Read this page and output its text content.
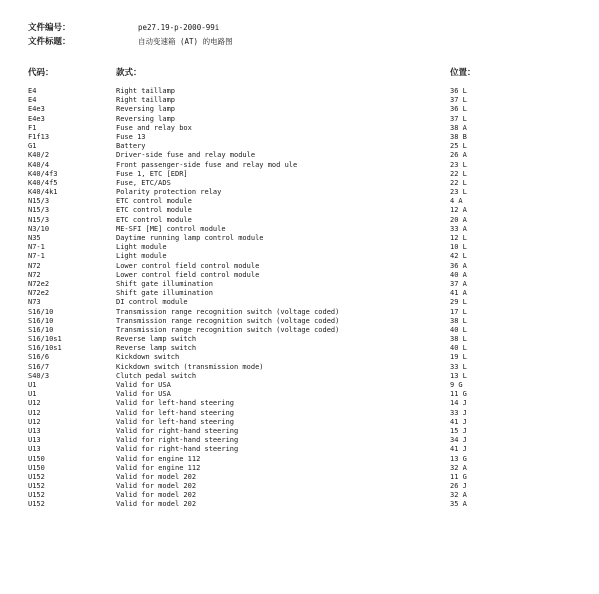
文件编号：	pe27.19-p-2000-99i
文件标题：	自动变速箱 (AT) 的电路图
代码：	款式：	位置：
E4	Right taillamp	36 L
E4	Right taillamp	37 L
E4e3	Reversing lamp	36 L
E4e3	Reversing lamp	37 L
F1	Fuse and relay box	38 A
F1f13	Fuse 13	38 B
G1	Battery	25 L
K40/2	Driver-side fuse and relay module	26 A
K40/4	Front passenger-side fuse and relay mod ule	23 L
K40/4f3	Fuse 1, ETC [EDR]	22 L
K40/4f5	Fuse, ETC/ADS	22 L
K40/4k1	Polarity protection relay	23 L
N15/3	ETC control module	4 A
N15/3	ETC control module	12 A
N15/3	ETC control module	20 A
N3/10	ME-SFI [ME] control module	33 A
N35	Daytime running lamp control module	12 L
N7-1	Light module	10 L
N7-1	Light module	42 L
N72	Lower control field control module	36 A
N72	Lower control field control module	40 A
N72e2	Shift gate illumination	37 A
N72e2	Shift gate illumination	41 A
N73	DI control module	29 L
S16/10	Transmission range recognition switch (voltage coded)	17 L
S16/10	Transmission range recognition switch (voltage coded)	38 L
S16/10	Transmission range recognition switch (voltage coded)	40 L
S16/10s1	Reverse lamp switch	38 L
S16/10s1	Reverse lamp switch	40 L
S16/6	Kickdown switch	19 L
S16/7	Kickdown switch (transmission mode)	33 L
S40/3	Clutch pedal switch	13 L
U1	Valid for USA	9 G
U1	Valid for USA	11 G
U12	Valid for left-hand steering	14 J
U12	Valid for left-hand steering	33 J
U12	Valid for left-hand steering	41 J
U13	Valid for right-hand steering	15 J
U13	Valid for right-hand steering	34 J
U13	Valid for right-hand steering	41 J
U150	Valid for engine 112	13 G
U150	Valid for engine 112	32 A
U152	Valid for model 202	11 G
U152	Valid for model 202	26 J
U152	Valid for model 202	32 A
U152	Valid for model 202	35 A
